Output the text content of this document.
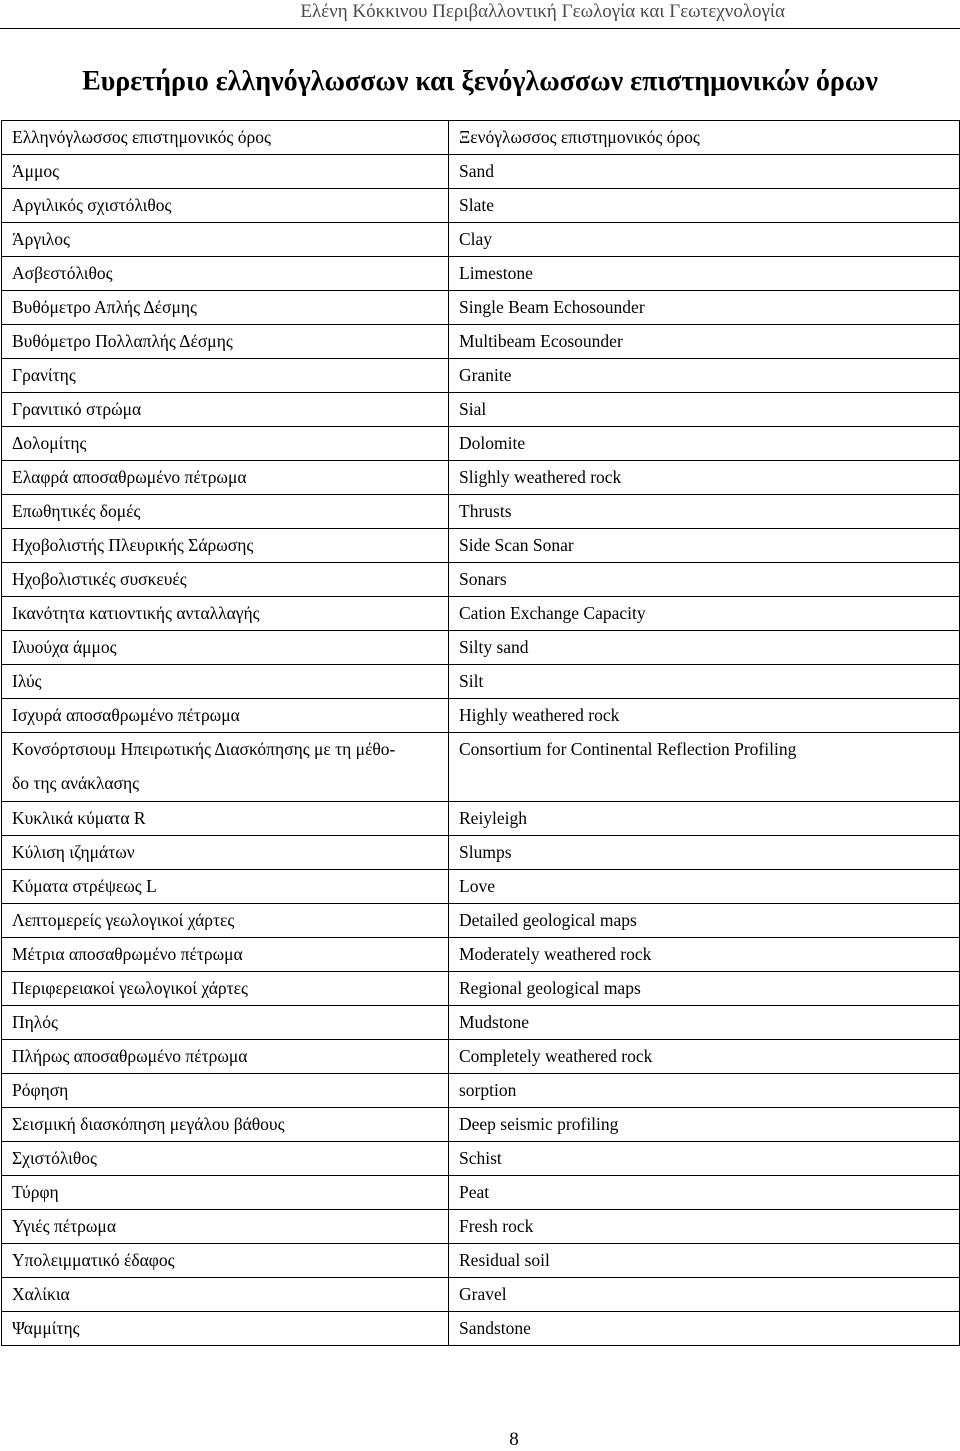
Ελένη Κόκκινου Περιβαλλοντική Γεωλογία και Γεωτεχνολογία
Ευρετήριο ελληνόγλωσσων και ξενόγλωσσων επιστημονικών όρων
Ελληνόγλωσσος επιστημονικός όρος	Ξενόγλωσσος επιστημονικός όρος
Άμμος	Sand
Αργιλικός σχιστόλιθος	Slate
Άργιλος	Clay
Ασβεστόλιθος	Limestone
Βυθόμετρο Απλής Δέσμης	Single Beam Echosounder
Βυθόμετρο Πολλαπλής Δέσμης	Multibeam Ecosounder
Γρανίτης	Granite
Γρανιτικό στρώμα	Sial
Δολομίτης	Dolomite
Ελαφρά αποσαθρωμένο πέτρωμα	Slighly weathered rock
Επωθητικές δομές	Thrusts
Ηχοβολιστής Πλευρικής Σάρωσης	Side Scan Sonar
Ηχοβολιστικές συσκευές	Sonars
Ικανότητα κατιοντικής ανταλλαγής	Cation Exchange Capacity
Ιλυούχα άμμος	Silty sand
Ιλύς	Silt
Ισχυρά αποσαθρωμένο πέτρωμα	Highly weathered rock

Κονσόρτσιουμ Ηπειρωτικής Διασκόπησης με τη μέθο-
δο της ανάκλασης	Consortium for Continental Reflection Profiling
Κυκλικά κύματα R	Reiyleigh
Κύλιση ιζημάτων	Slumps
Κύματα στρέψεως L	Love
Λεπτομερείς γεωλογικοί χάρτες	Detailed geological maps
Μέτρια αποσαθρωμένο πέτρωμα	Moderately weathered rock
Περιφερειακοί γεωλογικοί χάρτες	Regional geological maps
Πηλός	Mudstone
Πλήρως αποσαθρωμένο πέτρωμα	Completely weathered rock
Ρόφηση	sorption
Σεισμική διασκόπηση μεγάλου βάθους	Deep seismic profiling
Σχιστόλιθος	Schist
Τύρφη	Peat
Υγιές πέτρωμα	Fresh rock
Υπολειμματικό έδαφος	Residual soil
Χαλίκια	Gravel
Ψαμμίτης	Sandstone
8
